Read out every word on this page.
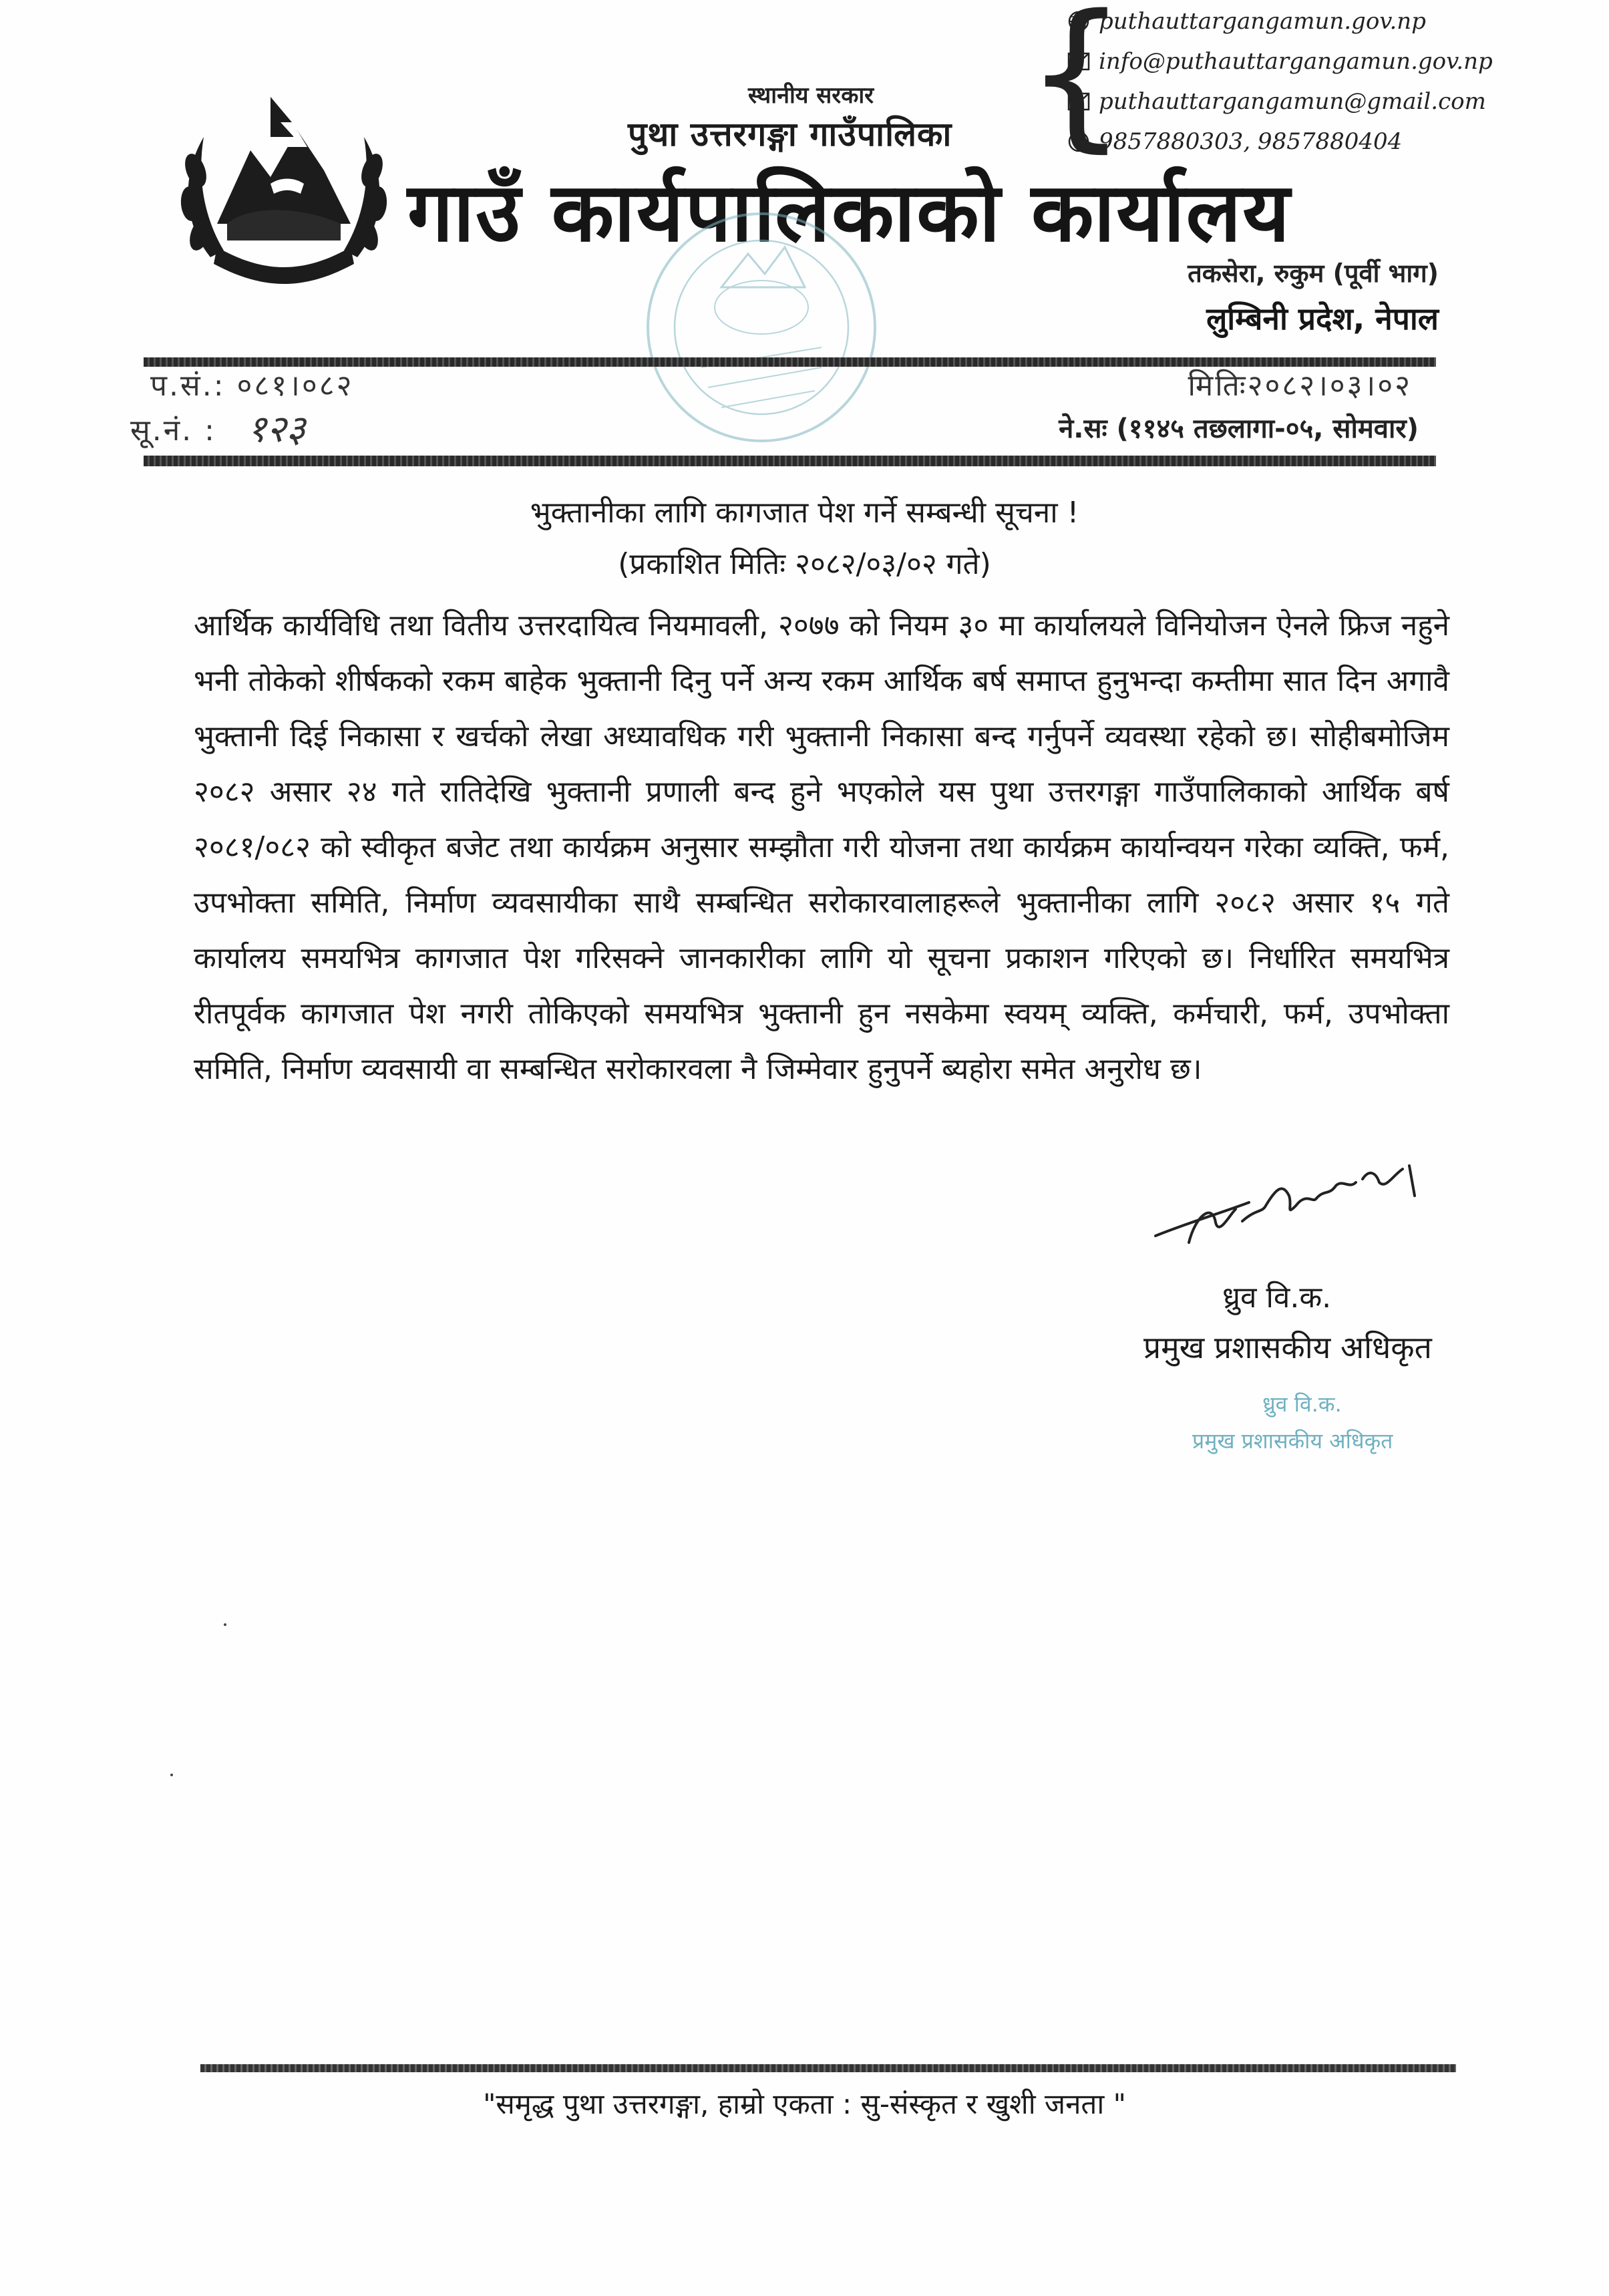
स्थानीय सरकार
पुथा उत्तरगङ्गा गाउँपालिका
गाउँ कार्यपालिकाको कार्यालय
{
puthauttargangamun.gov.np
info@puthauttargangamun.gov.np
puthauttargangamun@gmail.com
9857880303, 9857880404
तकसेरा, रुकुम (पूर्वी भाग)
लुम्बिनी प्रदेश, नेपाल
प.सं.: ०८१।०८२	मितिः२०८२।०३।०२
सू.नं. : १२३	ने.सः (११४५ तछलागा-०५, सोमवार)
भुक्तानीका लागि कागजात पेश गर्ने सम्बन्धी सूचना !
(प्रकाशित मितिः २०८२/०३/०२ गते)
आर्थिक कार्यविधि तथा वितीय उत्तरदायित्व नियमावली, २०७७ को नियम ३० मा कार्यालयले विनियोजन ऐनले फ्रिज नहुने भनी तोकेको शीर्षकको रकम बाहेक भुक्तानी दिनु पर्ने अन्य रकम आर्थिक बर्ष समाप्त हुनुभन्दा कम्तीमा सात दिन अगावै भुक्तानी दिई निकासा र खर्चको लेखा अध्यावधिक गरी भुक्तानी निकासा बन्द गर्नुपर्ने व्यवस्था रहेको छ। सोहीबमोजिम २०८२ असार २४ गते रातिदेखि भुक्तानी प्रणाली बन्द हुने भएकोले यस पुथा उत्तरगङ्गा गाउँपालिकाको आर्थिक बर्ष २०८१/०८२ को स्वीकृत बजेट तथा कार्यक्रम अनुसार सम्झौता गरी योजना तथा कार्यक्रम कार्यान्वयन गरेका व्यक्ति, फर्म, उपभोक्ता समिति, निर्माण व्यवसायीका साथै सम्बन्धित सरोकारवालाहरूले भुक्तानीका लागि २०८२ असार १५ गते कार्यालय समयभित्र कागजात पेश गरिसक्ने जानकारीका लागि यो सूचना प्रकाशन गरिएको छ। निर्धारित समयभित्र रीतपूर्वक कागजात पेश नगरी तोकिएको समयभित्र भुक्तानी हुन नसकेमा स्वयम् व्यक्ति, कर्मचारी, फर्म, उपभोक्ता समिति, निर्माण व्यवसायी वा सम्बन्धित सरोकारवला नै जिम्मेवार हुनुपर्ने ब्यहोरा समेत अनुरोध छ।
ध्रुव वि.क.
प्रमुख प्रशासकीय अधिकृत
ध्रुव वि.क.
प्रमुख प्रशासकीय अधिकृत
"समृद्ध पुथा उत्तरगङ्गा, हाम्रो एकता : सु-संस्कृत र खुशी जनता "
